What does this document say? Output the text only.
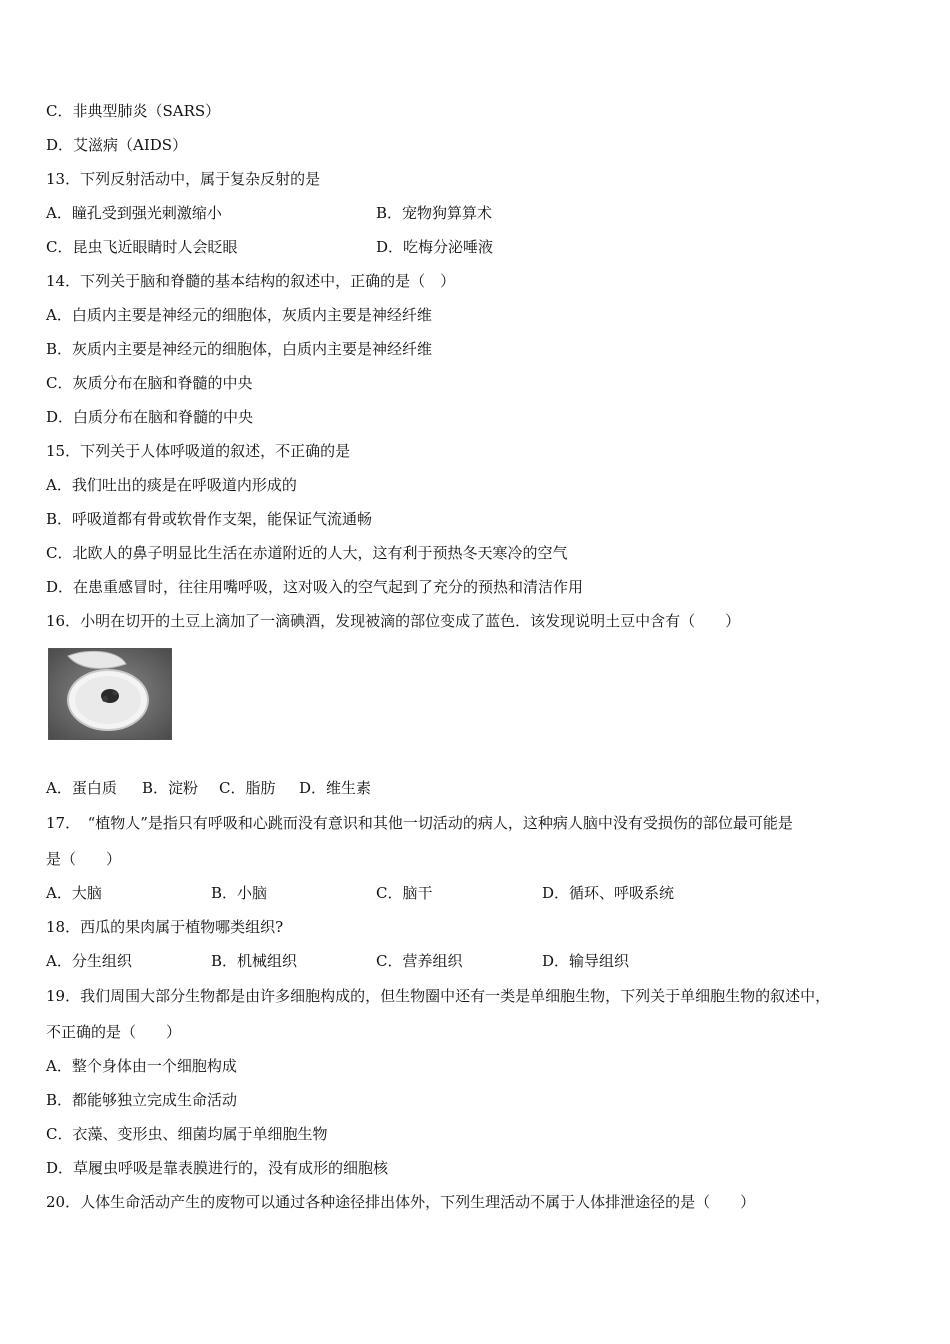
C．非典型肺炎（SARS）
D．艾滋病（AIDS）
13．下列反射活动中，属于复杂反射的是
A．瞳孔受到强光刺激缩小	B．宠物狗算算术
C．昆虫飞近眼睛时人会眨眼	D．吃梅分泌唾液
14．下列关于脑和脊髓的基本结构的叙述中，正确的是（　）
A．白质内主要是神经元的细胞体，灰质内主要是神经纤维
B．灰质内主要是神经元的细胞体，白质内主要是神经纤维
C．灰质分布在脑和脊髓的中央
D．白质分布在脑和脊髓的中央
15．下列关于人体呼吸道的叙述，不正确的是
A．我们吐出的痰是在呼吸道内形成的
B．呼吸道都有骨或软骨作支架，能保证气流通畅
C．北欧人的鼻子明显比生活在赤道附近的人大，这有利于预热冬天寒冷的空气
D．在患重感冒时，往往用嘴呼吸，这对吸入的空气起到了充分的预热和清洁作用
16．小明在切开的土豆上滴加了一滴碘酒，发现被滴的部位变成了蓝色．该发现说明土豆中含有（　　）
A．蛋白质 B．淀粉 C．脂肪 D．维生素
17．　“植物人”是指只有呼吸和心跳而没有意识和其他一切活动的病人，这种病人脑中没有受损伤的部位最可能是
是（　　）
A．大脑	B．小脑	C．脑干	D．循环、呼吸系统
18．西瓜的果肉属于植物哪类组织?
A．分生组织	B．机械组织	C．营养组织	D．输导组织
19．我们周围大部分生物都是由许多细胞构成的，但生物圈中还有一类是单细胞生物，下列关于单细胞生物的叙述中，
不正确的是（　　）
A．整个身体由一个细胞构成
B．都能够独立完成生命活动
C．衣藻、变形虫、细菌均属于单细胞生物
D．草履虫呼吸是靠表膜进行的，没有成形的细胞核
20．人体生命活动产生的废物可以通过各种途径排出体外，下列生理活动不属于人体排泄途径的是（　　）
